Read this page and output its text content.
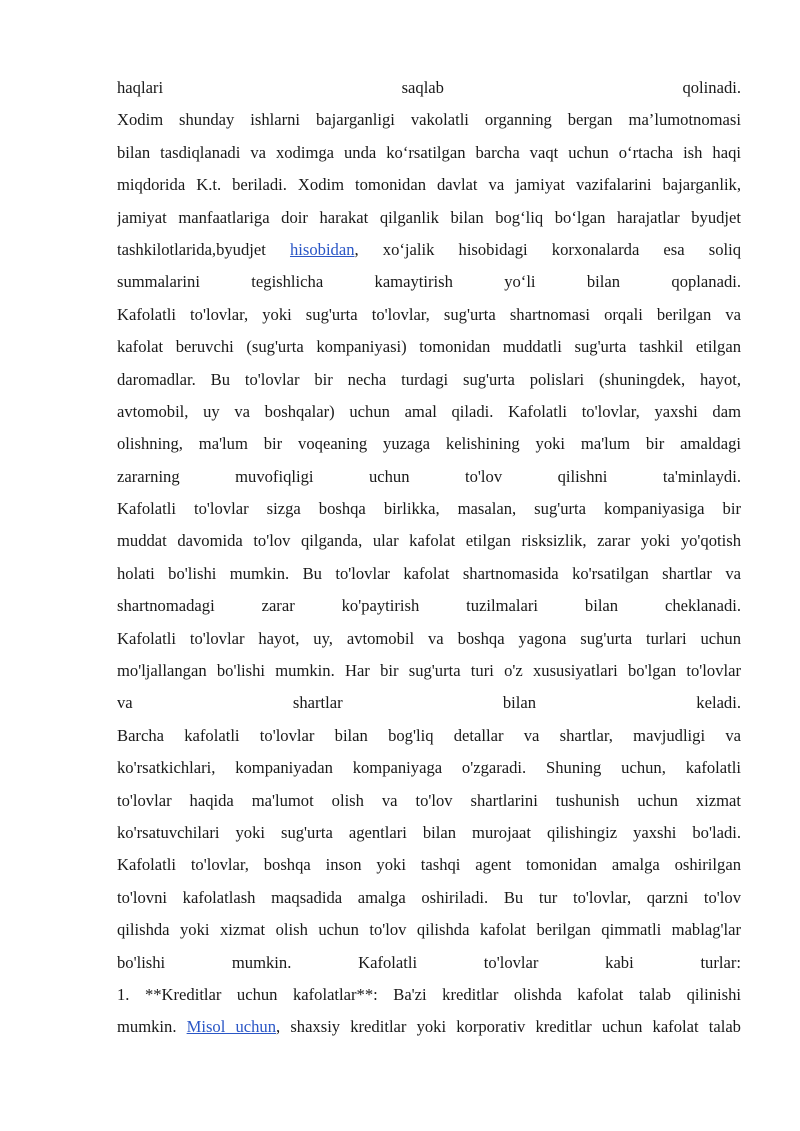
haqlari saqlab qolinadi.
Xodim shunday ishlarni bajarganligi vakolatli organning bergan ma’lumotnomasi
bilan tasdiqlanadi va xodimga unda ko‘rsatilgan barcha vaqt uchun o‘rtacha ish haqi
miqdorida K.t. beriladi. Xodim tomonidan davlat va jamiyat vazifalarini bajarganlik,
jamiyat manfaatlariga doir harakat qilganlik bilan bog‘liq bo‘lgan harajatlar byudjet
tashkilotlarida,byudjet hisobidan, xo‘jalik hisobidagi korxonalarda esa soliq
summalarini tegishlicha kamaytirish yo‘li bilan qoplanadi.
Kafolatli to'lovlar, yoki sug'urta to'lovlar, sug'urta shartnomasi orqali berilgan va
kafolat beruvchi (sug'urta kompaniyasi) tomonidan muddatli sug'urta tashkil etilgan
daromadlar. Bu to'lovlar bir necha turdagi sug'urta polislari (shuningdek, hayot,
avtomobil, uy va boshqalar) uchun amal qiladi. Kafolatli to'lovlar, yaxshi dam
olishning, ma'lum bir voqeaning yuzaga kelishining yoki ma'lum bir amaldagi
zararning muvofiqligi uchun to'lov qilishni ta'minlaydi.
Kafolatli to'lovlar sizga boshqa birlikka, masalan, sug'urta kompaniyasiga bir
muddat davomida to'lov qilganda, ular kafolat etilgan risksizlik, zarar yoki yo'qotish
holati bo'lishi mumkin. Bu to'lovlar kafolat shartnomasida ko'rsatilgan shartlar va
shartnomadagi zarar ko'paytirish tuzilmalari bilan cheklanadi.
Kafolatli to'lovlar hayot, uy, avtomobil va boshqa yagona sug'urta turlari uchun
mo'ljallangan bo'lishi mumkin. Har bir sug'urta turi o'z xususiyatlari bo'lgan to'lovlar
va shartlar bilan keladi.
Barcha kafolatli to'lovlar bilan bog'liq detallar va shartlar, mavjudligi va
ko'rsatkichlari, kompaniyadan kompaniyaga o'zgaradi. Shuning uchun, kafolatli
to'lovlar haqida ma'lumot olish va to'lov shartlarini tushunish uchun xizmat
ko'rsatuvchilari yoki sug'urta agentlari bilan murojaat qilishingiz yaxshi bo'ladi.
Kafolatli to'lovlar, boshqa inson yoki tashqi agent tomonidan amalga oshirilgan
to'lovni kafolatlash maqsadida amalga oshiriladi. Bu tur to'lovlar, qarzni to'lov
qilishda yoki xizmat olish uchun to'lov qilishda kafolat berilgan qimmatli mablag'lar
bo'lishi mumkin. Kafolatli to'lovlar kabi turlar:
1. **Kreditlar uchun kafolatlar**: Ba'zi kreditlar olishda kafolat talab qilinishi
mumkin. Misol uchun, shaxsiy kreditlar yoki korporativ kreditlar uchun kafolat talab
